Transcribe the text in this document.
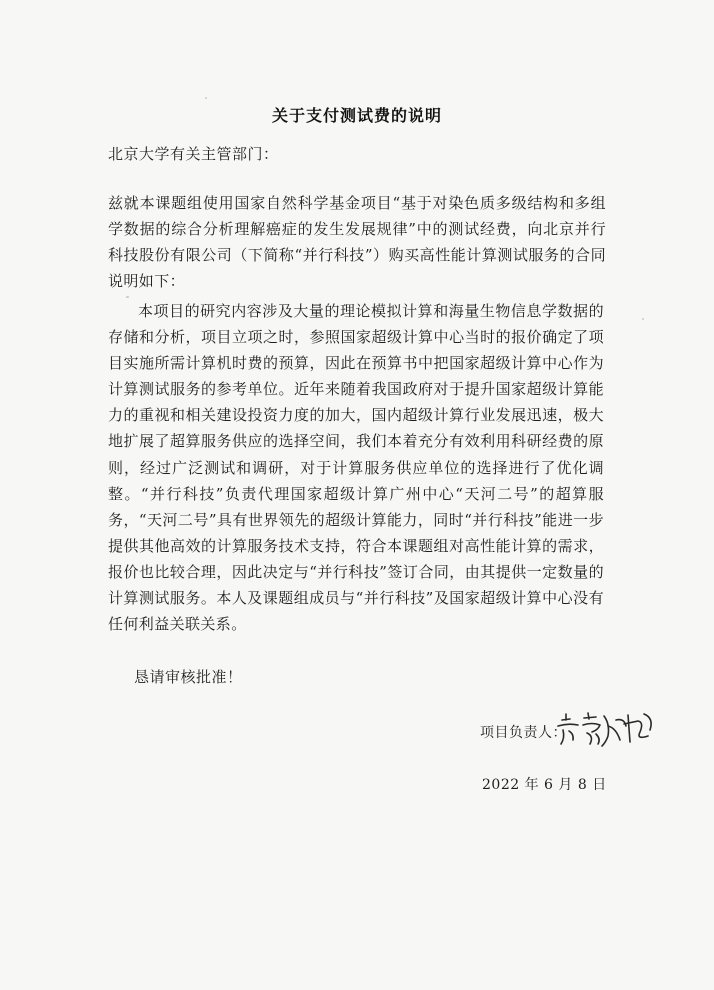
关于支付测试费的说明
北京大学有关主管部门：
兹就本课题组使用国家自然科学基金项目“基于对染色质多级结构和多组学数据的综合分析理解癌症的发生发展规律”中的测试经费，向北京并行科技股份有限公司（下简称“并行科技”）购买高性能计算测试服务的合同说明如下：
本项目的研究内容涉及大量的理论模拟计算和海量生物信息学数据的存储和分析，项目立项之时，参照国家超级计算中心当时的报价确定了项目实施所需计算机时费的预算，因此在预算书中把国家超级计算中心作为计算测试服务的参考单位。近年来随着我国政府对于提升国家超级计算能力的重视和相关建设投资力度的加大，国内超级计算行业发展迅速，极大地扩展了超算服务供应的选择空间，我们本着充分有效利用科研经费的原则，经过广泛测试和调研，对于计算服务供应单位的选择进行了优化调整。“并行科技”负责代理国家超级计算广州中心“天河二号”的超算服务，“天河二号”具有世界领先的超级计算能力，同时“并行科技”能进一步提供其他高效的计算服务技术支持，符合本课题组对高性能计算的需求，报价也比较合理，因此决定与“并行科技”签订合同，由其提供一定数量的计算测试服务。本人及课题组成员与“并行科技”及国家超级计算中心没有任何利益关联关系。
恳请审核批准！
项目负责人：
2022 年 6 月 8 日
